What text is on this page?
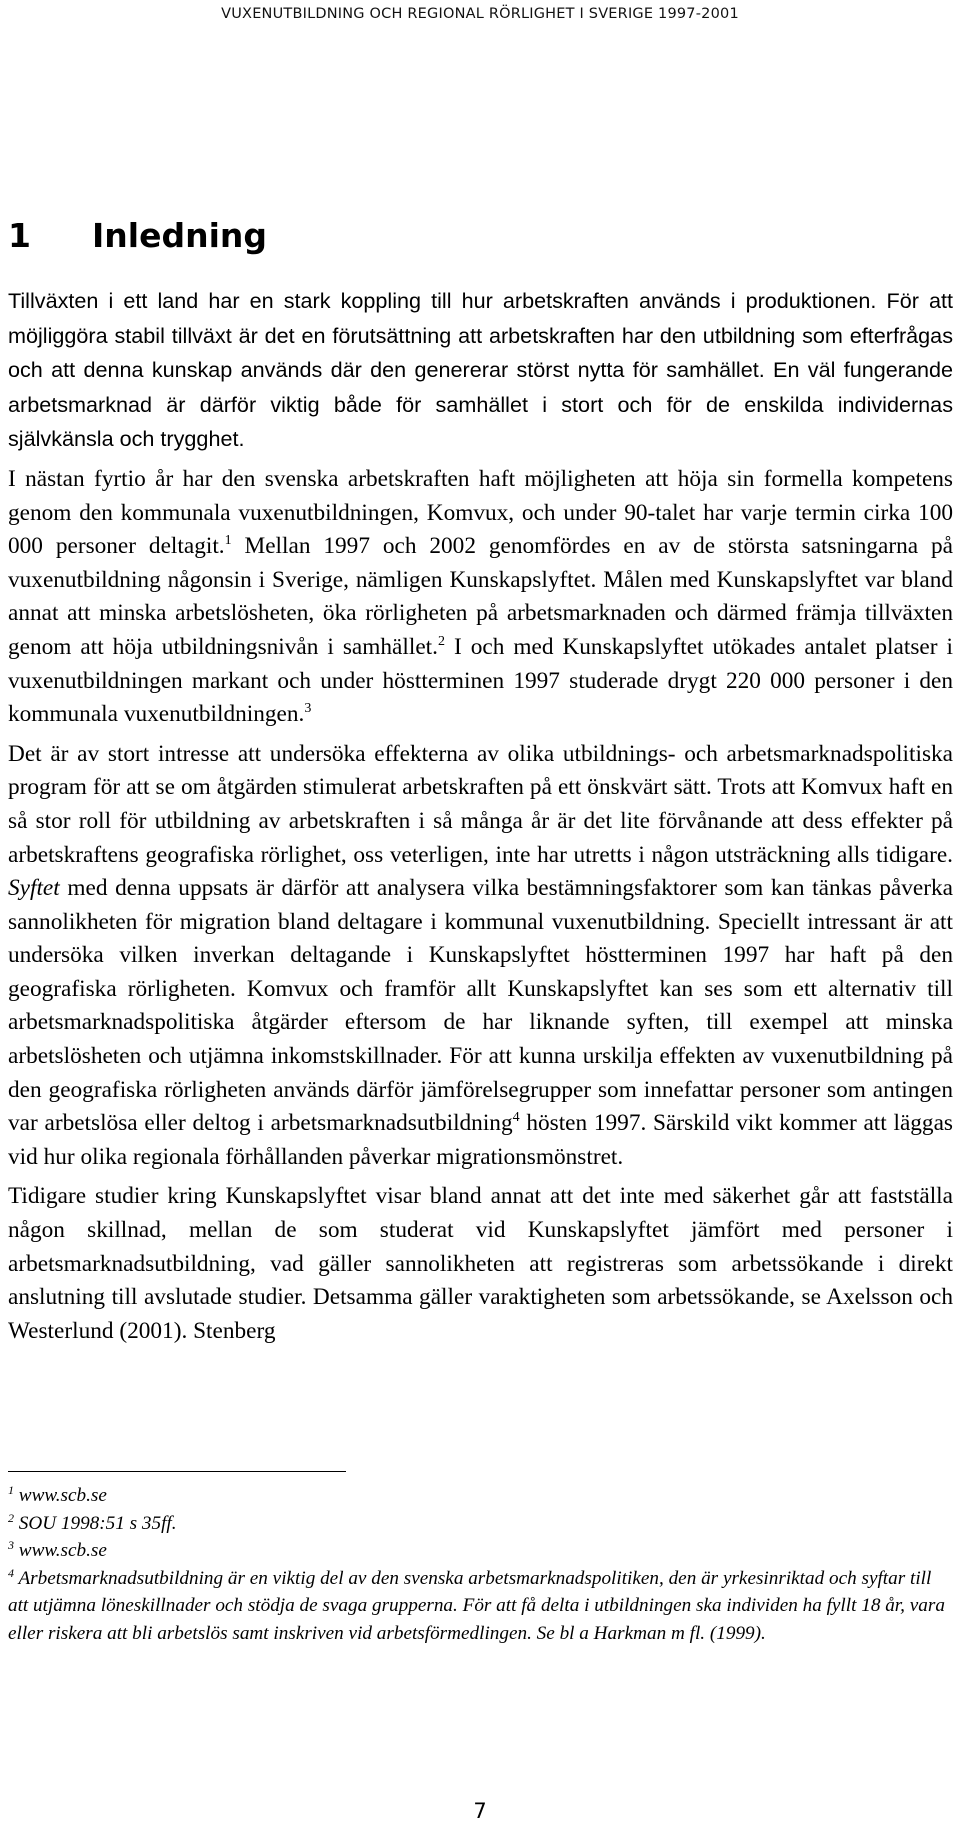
VUXENUTBILDNING OCH REGIONAL RÖRLIGHET I SVERIGE 1997-2001
1 Inledning

Tillväxten i ett land har en stark koppling till hur arbetskraften används i produktionen. För att möjliggöra stabil tillväxt är det en förutsättning att arbetskraften har den utbildning som efterfrågas och att denna kunskap används där den genererar störst nytta för samhället. En väl fungerande arbetsmarknad är därför viktig både för samhället i stort och för de enskilda individernas självkänsla och trygghet.

I nästan fyrtio år har den svenska arbetskraften haft möjligheten att höja sin formella kompetens genom den kommunala vuxenutbildningen, Komvux, och under 90-talet har varje termin cirka 100 000 personer deltagit.$^1$ Mellan 1997 och 2002 genomfördes en av de största satsningarna på vuxenutbildning någonsin i Sverige, nämligen Kunskapslyftet. Målen med Kunskapslyftet var bland annat att minska arbetslösheten, öka rörligheten på arbetsmarknaden och därmed främja tillväxten genom att höja utbildningsnivån i samhället.$^2$ I och med Kunskapslyftet utökades antalet platser i vuxenutbildningen markant och under höstterminen 1997 studerade drygt 220 000 personer i den kommunala vuxenutbildningen.$^3$

Det är av stort intresse att undersöka effekterna av olika utbildnings- och arbetsmarknadspolitiska program för att se om åtgärden stimulerat arbetskraften på ett önskvärt sätt. Trots att Komvux haft en så stor roll för utbildning av arbetskraften i så många år är det lite förvånande att dess effekter på arbetskraftens geografiska rörlighet, oss veterligen, inte har utretts i någon utsträckning alls tidigare. Syftet med denna uppsats är därför att analysera vilka bestämningsfaktorer som kan tänkas påverka sannolikheten för migration bland deltagare i kommunal vuxenutbildning. Speciellt intressant är att undersöka vilken inverkan deltagande i Kunskapslyftet höstterminen 1997 har haft på den geografiska rörligheten. Komvux och framför allt Kunskapslyftet kan ses som ett alternativ till arbetsmarknadspolitiska åtgärder eftersom de har liknande syften, till exempel att minska arbetslösheten och utjämna inkomstskillnader. För att kunna urskilja effekten av vuxenutbildning på den geografiska rörligheten används därför jämförelsegrupper som innefattar personer som antingen var arbetslösa eller deltog i arbetsmarknadsutbildning$^4$ hösten 1997. Särskild vikt kommer att läggas vid hur olika regionala förhållanden påverkar migrationsmönstret.

Tidigare studier kring Kunskapslyftet visar bland annat att det inte med säkerhet går att fastställa någon skillnad, mellan de som studerat vid Kunskapslyftet jämfört med personer i arbetsmarknadsutbildning, vad gäller sannolikheten att registreras som arbetssökande i direkt anslutning till avslutade studier. Detsamma gäller varaktigheten som arbetssökande, se Axelsson och Westerlund (2001). Stenberg

$^1$ www.scb.se
$^2$ SOU 1998:51 s 35ff.
$^3$ www.scb.se
$^4$ Arbetsmarknadsutbildning är en viktig del av den svenska arbetsmarknadspolitiken, den är yrkesinriktad och syftar till att utjämna löneskillnader och stödja de svaga grupperna. För att få delta i utbildningen ska individen ha fyllt 18 år, vara eller riskera att bli arbetslös samt inskriven vid arbetsförmedlingen. Se bl a Harkman m fl. (1999).
7
